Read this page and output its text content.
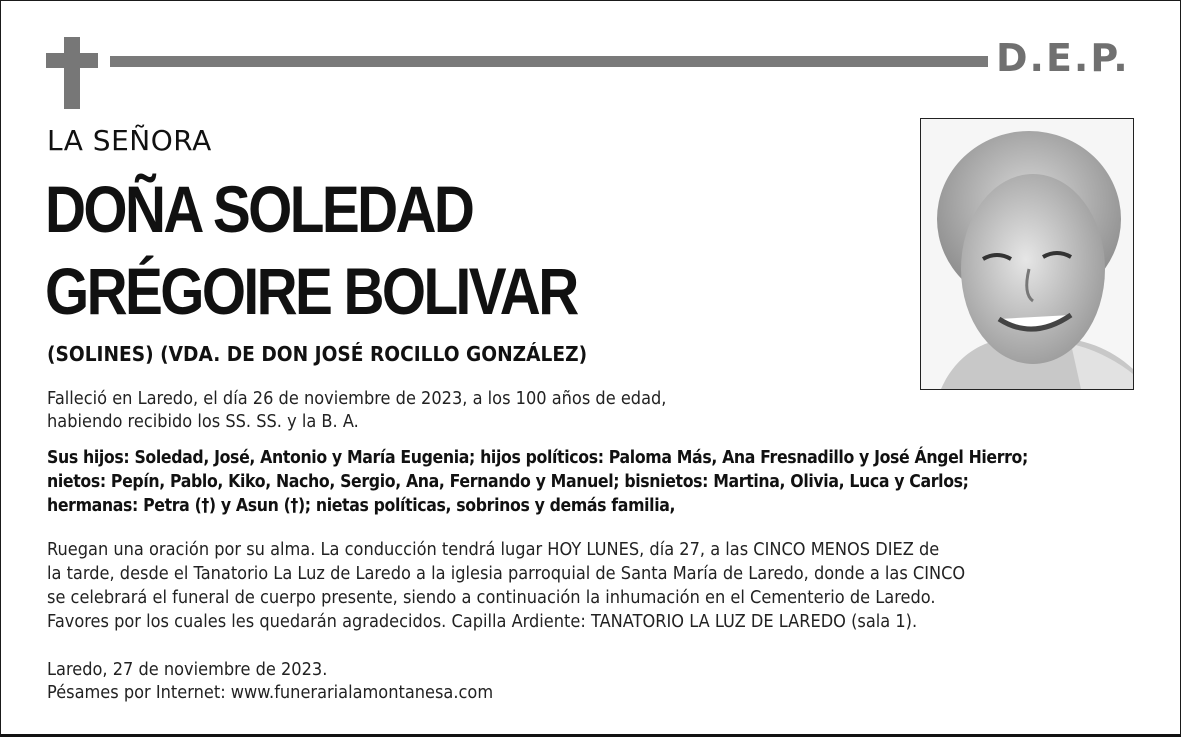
D.E.P.
LA SEÑORA
DOÑA SOLEDAD
GRÉGOIRE BOLIVAR
(SOLINES) (VDA. DE DON JOSÉ ROCILLO GONZÁLEZ)
Falleció en Laredo, el día 26 de noviembre de 2023, a los 100 años de edad,
habiendo recibido los SS. SS. y la B. A.
Sus hijos: Soledad, José, Antonio y María Eugenia; hijos políticos: Paloma Más, Ana Fresnadillo y José Ángel Hierro;
nietos: Pepín, Pablo, Kiko, Nacho, Sergio, Ana, Fernando y Manuel; bisnietos: Martina, Olivia, Luca y Carlos;
hermanas: Petra (†) y Asun (†); nietas políticas, sobrinos y demás familia,
Ruegan una oración por su alma. La conducción tendrá lugar HOY LUNES, día 27, a las CINCO MENOS DIEZ de
la tarde, desde el Tanatorio La Luz de Laredo a la iglesia parroquial de Santa María de Laredo, donde a las CINCO
se celebrará el funeral de cuerpo presente, siendo a continuación la inhumación en el Cementerio de Laredo.
Favores por los cuales les quedarán agradecidos. Capilla Ardiente: TANATORIO LA LUZ DE LAREDO (sala 1).
Laredo, 27 de noviembre de 2023.
Pésames por Internet: www.funerarialamontanesa.com
